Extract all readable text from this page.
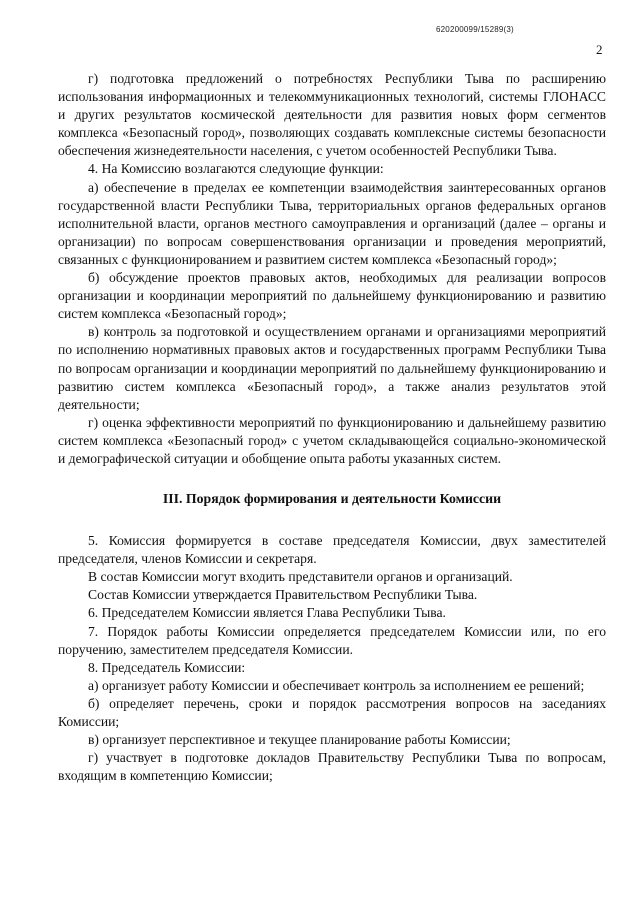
620200099/15289(3)
2

г) подготовка предложений о потребностях Республики Тыва по расширению использования информационных и телекоммуникационных технологий, системы ГЛОНАСС и других результатов космической деятельности для развития новых форм сегментов комплекса «Безопасный город», позволяющих создавать комплексные системы безопасности обеспечения жизнедеятельности населения, с учетом особенностей Республики Тыва.

4. На Комиссию возлагаются следующие функции:

а) обеспечение в пределах ее компетенции взаимодействия заинтересованных органов государственной власти Республики Тыва, территориальных органов федеральных органов исполнительной власти, органов местного самоуправления и организаций (далее – органы и организации) по вопросам совершенствования организации и проведения мероприятий, связанных с функционированием и развитием систем комплекса «Безопасный город»;

б) обсуждение проектов правовых актов, необходимых для реализации вопросов организации и координации мероприятий по дальнейшему функционированию и развитию систем комплекса «Безопасный город»;

в) контроль за подготовкой и осуществлением органами и организациями мероприятий по исполнению нормативных правовых актов и государственных программ Республики Тыва по вопросам организации и координации мероприятий по дальнейшему функционированию и развитию систем комплекса «Безопасный город», а также анализ результатов этой деятельности;

г) оценка эффективности мероприятий по функционированию и дальнейшему развитию систем комплекса «Безопасный город» с учетом складывающейся социально-экономической и демографической ситуации и обобщение опыта работы указанных систем.

III. Порядок формирования и деятельности Комиссии

5. Комиссия формируется в составе председателя Комиссии, двух заместителей председателя, членов Комиссии и секретаря.

В состав Комиссии могут входить представители органов и организаций.

Состав Комиссии утверждается Правительством Республики Тыва.

6. Председателем Комиссии является Глава Республики Тыва.

7. Порядок работы Комиссии определяется председателем Комиссии или, по его поручению, заместителем председателя Комиссии.

8. Председатель Комиссии:

а) организует работу Комиссии и обеспечивает контроль за исполнением ее решений;

б) определяет перечень, сроки и порядок рассмотрения вопросов на заседаниях Комиссии;

в) организует перспективное и текущее планирование работы Комиссии;

г) участвует в подготовке докладов Правительству Республики Тыва по вопросам, входящим в компетенцию Комиссии;
